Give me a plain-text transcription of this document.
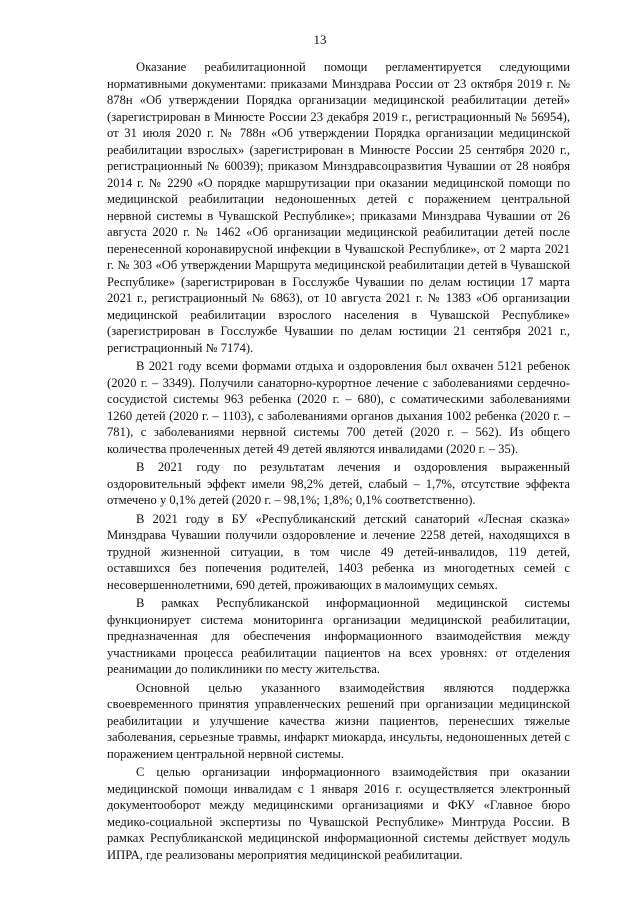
13

Оказание реабилитационной помощи регламентируется следующими нормативными документами: приказами Минздрава России от 23 октября 2019 г. № 878н «Об утверждении Порядка организации медицинской реабилитации детей» (зарегистрирован в Минюсте России 23 декабря 2019 г., регистрационный № 56954), от 31 июля 2020 г. № 788н «Об утверждении Порядка организации медицинской реабилитации взрослых» (зарегистрирован в Минюсте России 25 сентября 2020 г., регистрационный № 60039); приказом Минздравсоцразвития Чувашии от 28 ноября 2014 г. № 2290 «О порядке маршрутизации при оказании медицинской помощи по медицинской реабилитации недоношенных детей с поражением центральной нервной системы в Чувашской Республике»; приказами Минздрава Чувашии от 26 августа 2020 г. № 1462 «Об организации медицинской реабилитации детей после перенесенной коронавирусной инфекции в Чувашской Республике», от 2 марта 2021 г. № 303 «Об утверждении Маршрута медицинской реабилитации детей в Чувашской Республике» (зарегистрирован в Госслужбе Чувашии по делам юстиции 17 марта 2021 г., регистрационный № 6863), от 10 августа 2021 г. № 1383 «Об организации медицинской реабилитации взрослого населения в Чувашской Республике» (зарегистрирован в Госслужбе Чувашии по делам юстиции 21 сентября 2021 г., регистрационный № 7174).

В 2021 году всеми формами отдыха и оздоровления был охвачен 5121 ребенок (2020 г. – 3349). Получили санаторно-курортное лечение с заболеваниями сердечно-сосудистой системы 963 ребенка (2020 г. – 680), с соматическими заболеваниями 1260 детей (2020 г. – 1103), с заболеваниями органов дыхания 1002 ребенка (2020 г. – 781), с заболеваниями нервной системы 700 детей (2020 г. – 562). Из общего количества пролеченных детей 49 детей являются инвалидами (2020 г. – 35).

В 2021 году по результатам лечения и оздоровления выраженный оздоровительный эффект имели 98,2% детей, слабый – 1,7%, отсутствие эффекта отмечено у 0,1% детей (2020 г. – 98,1%; 1,8%; 0,1% соответственно).

В 2021 году в БУ «Республиканский детский санаторий «Лесная сказка» Минздрава Чувашии получили оздоровление и лечение 2258 детей, находящихся в трудной жизненной ситуации, в том числе 49 детей-инвалидов, 119 детей, оставшихся без попечения родителей, 1403 ребенка из многодетных семей с несовершеннолетними, 690 детей, проживающих в малоимущих семьях.

В рамках Республиканской информационной медицинской системы функционирует система мониторинга организации медицинской реабилитации, предназначенная для обеспечения информационного взаимодействия между участниками процесса реабилитации пациентов на всех уровнях: от отделения реанимации до поликлиники по месту жительства.

Основной целью указанного взаимодействия являются поддержка своевременного принятия управленческих решений при организации медицинской реабилитации и улучшение качества жизни пациентов, перенесших тяжелые заболевания, серьезные травмы, инфаркт миокарда, инсульты, недоношенных детей с поражением центральной нервной системы.

С целью организации информационного взаимодействия при оказании медицинской помощи инвалидам с 1 января 2016 г. осуществляется электронный документооборот между медицинскими организациями и ФКУ «Главное бюро медико-социальной экспертизы по Чувашской Республике» Минтруда России. В рамках Республиканской медицинской информационной системы действует модуль ИПРА, где реализованы мероприятия медицинской реабилитации.
